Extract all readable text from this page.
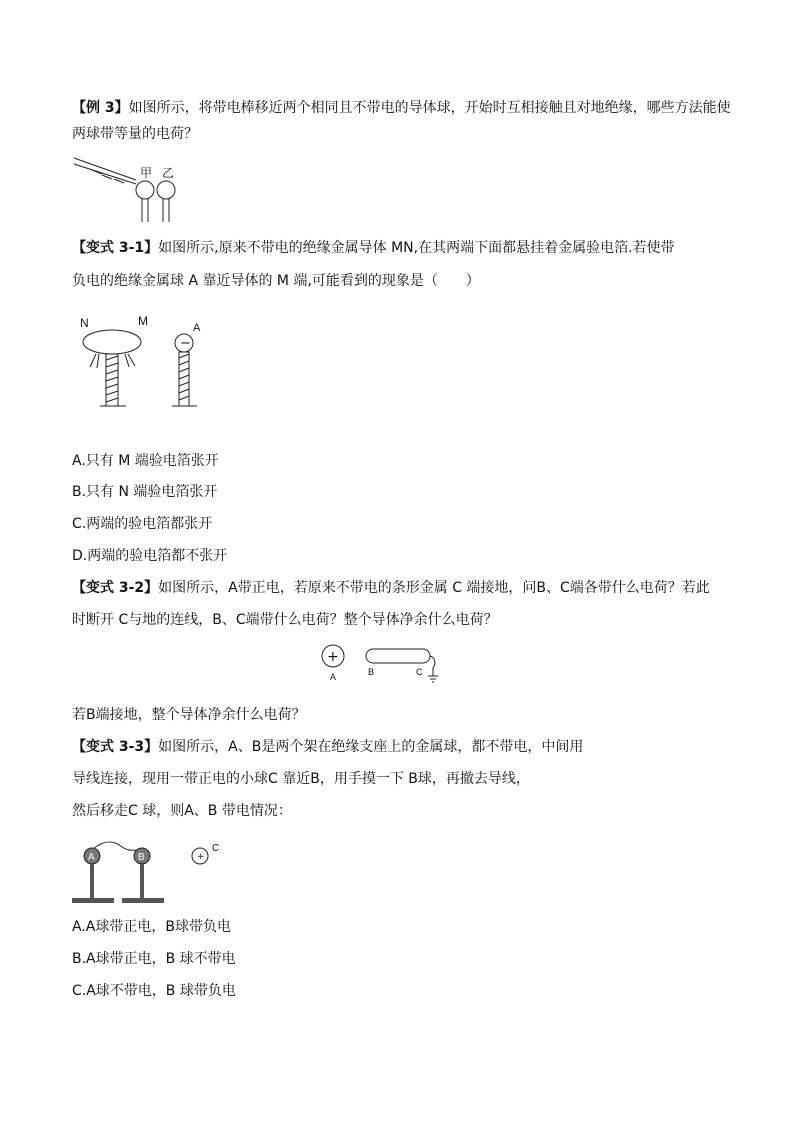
【例 3】如图所示，将带电棒移近两个相同且不带电的导体球，开始时互相接触且对地绝缘，哪些方法能使
两球带等量的电荷？
甲 乙
【变式 3-1】如图所示,原来不带电的绝缘金属导体 MN,在其两端下面都悬挂着金属验电箔.若使带
负电的绝缘金属球 A 靠近导体的 M 端,可能看到的现象是（　　）
N	M
−
A
A.只有 M 端验电箔张开
B.只有 N 端验电箔张开
C.两端的验电箔都张开
D.两端的验电箔都不张开
【变式 3-2】如图所示，A带正电，若原来不带电的条形金属 C 端接地，问B、C端各带什么电荷？若此
时断开 C与地的连线，B、C端带什么电荷？整个导体净余什么电荷？
+
A	B	C
若B端接地，整个导体净余什么电荷？
【变式 3-3】如图所示，A、B是两个架在绝缘支座上的金属球，都不带电，中间用
导线连接，现用一带正电的小球C 靠近B，用手摸一下 B球，再撤去导线，
然后移走C 球，则A、B 带电情况：
A	B	+
C
A.A球带正电，B球带负电
B.A球带正电，B 球不带电
C.A球不带电，B 球带负电
